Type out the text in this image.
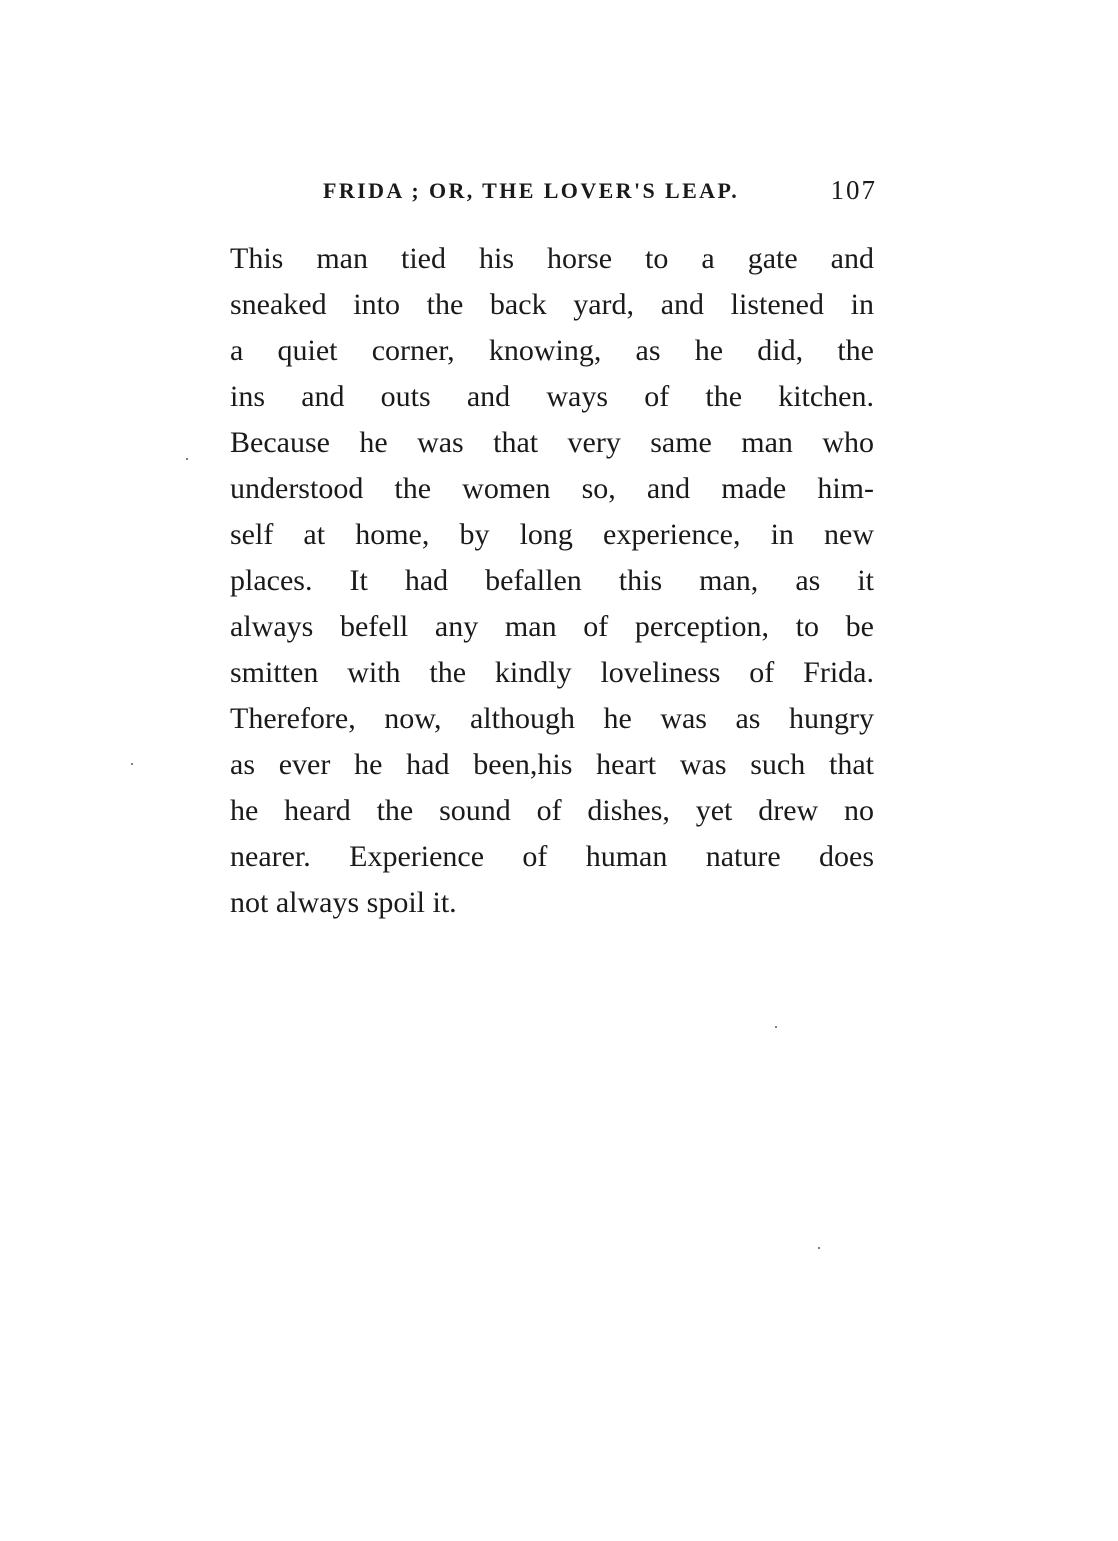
FRIDA ; OR, THE LOVER'S LEAP.	107
This man tied his horse to a gate and
sneaked into the back yard, and listened in
a quiet corner, knowing, as he did, the
ins and outs and ways of the kitchen.
Because he was that very same man who
understood the women so, and made him-
self at home, by long experience, in new
places. It had befallen this man, as it
always befell any man of perception, to be
smitten with the kindly loveliness of Frida.
Therefore, now, although he was as hungry
as ever he had been,his heart was such that
he heard the sound of dishes, yet drew no
nearer. Experience of human nature does
not always spoil it.
